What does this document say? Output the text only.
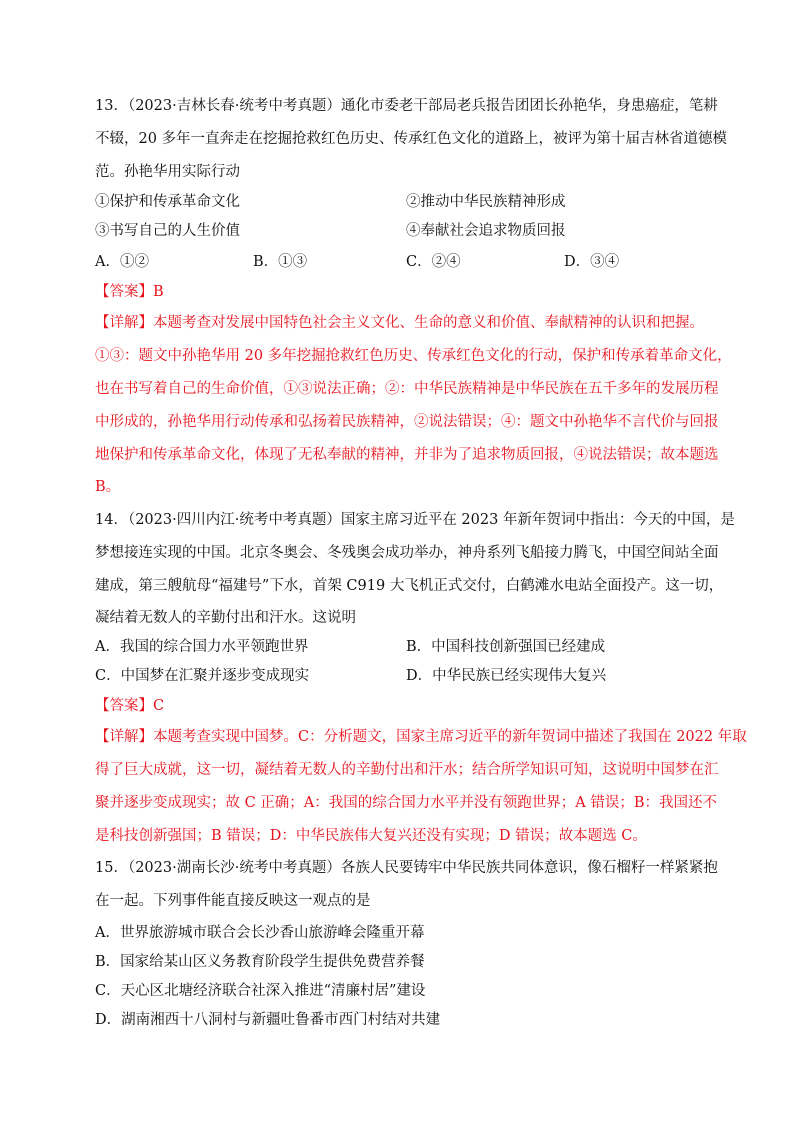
13．（2023·吉林长春·统考中考真题）通化市委老干部局老兵报告团团长孙艳华，身患癌症，笔耕
不辍，20 多年一直奔走在挖掘抢救红色历史、传承红色文化的道路上，被评为第十届吉林省道德模
范。孙艳华用实际行动
①保护和传承革命文化	②推动中华民族精神形成
③书写自己的人生价值	④奉献社会追求物质回报
A．①②	B．①③	C．②④	D．③④
【答案】B
【详解】本题考查对发展中国特色社会主义文化、生命的意义和价值、奉献精神的认识和把握。
①③：题文中孙艳华用 20 多年挖掘抢救红色历史、传承红色文化的行动，保护和传承着革命文化，
也在书写着自己的生命价值，①③说法正确；②：中华民族精神是中华民族在五千多年的发展历程
中形成的，孙艳华用行动传承和弘扬着民族精神，②说法错误；④：题文中孙艳华不言代价与回报
地保护和传承革命文化，体现了无私奉献的精神，并非为了追求物质回报，④说法错误；故本题选
B。
14．（2023·四川内江·统考中考真题）国家主席习近平在 2023 年新年贺词中指出：今天的中国，是
梦想接连实现的中国。北京冬奥会、冬残奥会成功举办，神舟系列飞船接力腾飞，中国空间站全面
建成，第三艘航母“福建号”下水，首架 C919 大飞机正式交付，白鹤滩水电站全面投产。这一切，
凝结着无数人的辛勤付出和汗水。这说明
A．我国的综合国力水平领跑世界	B．中国科技创新强国已经建成
C．中国梦在汇聚并逐步变成现实	D．中华民族已经实现伟大复兴
【答案】C
【详解】本题考查实现中国梦。C：分析题文，国家主席习近平的新年贺词中描述了我国在 2022 年取
得了巨大成就，这一切，凝结着无数人的辛勤付出和汗水；结合所学知识可知，这说明中国梦在汇
聚并逐步变成现实；故 C 正确；A：我国的综合国力水平并没有领跑世界；A 错误；B：我国还不
是科技创新强国；B 错误；D：中华民族伟大复兴还没有实现；D 错误；故本题选 C。
15．（2023·湖南长沙·统考中考真题）各族人民要铸牢中华民族共同体意识，像石榴籽一样紧紧抱
在一起。下列事件能直接反映这一观点的是
A．世界旅游城市联合会长沙香山旅游峰会隆重开幕
B．国家给某山区义务教育阶段学生提供免费营养餐
C．天心区北塘经济联合社深入推进“清廉村居”建设
D．湖南湘西十八洞村与新疆吐鲁番市西门村结对共建
